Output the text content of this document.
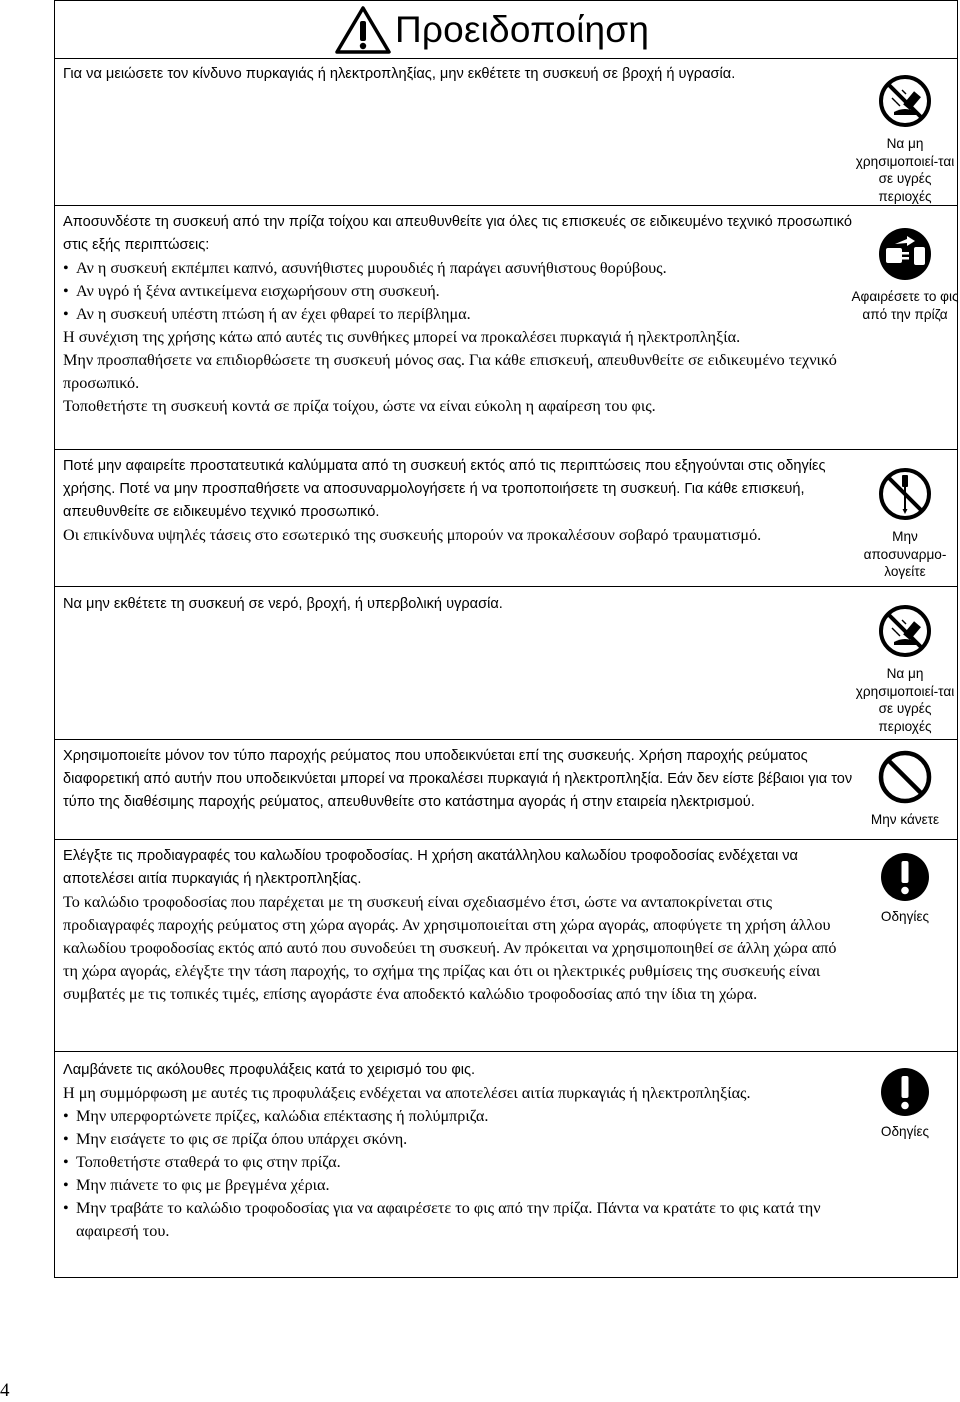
Προειδοποίηση

Για να μειώσετε τον κίνδυνο πυρκαγιάς ή ηλεκτροπληξίας, μην εκθέτετε τη συσκευή σε βροχή ή υγρασία.

Να μη χρησιμοποιεί-ται σε υγρές περιοχές

Αποσυνδέστε τη συσκευή από την πρίζα τοίχου και απευθυνθείτε για όλες τις επισκευές σε ειδικευμένο τεχνικό προσωπικό στις εξής περιπτώσεις:

• Αν η συσκευή εκπέμπει καπνό, ασυνήθιστες μυρουδιές ή παράγει ασυνήθιστους θορύβους.

• Αν υγρό ή ξένα αντικείμενα εισχωρήσουν στη συσκευή.

• Αν η συσκευή υπέστη πτώση ή αν έχει φθαρεί το περίβλημα.

Η συνέχιση της χρήσης κάτω από αυτές τις συνθήκες μπορεί να προκαλέσει πυρκαγιά ή ηλεκτροπληξία.

Μην προσπαθήσετε να επιδιορθώσετε τη συσκευή μόνος σας. Για κάθε επισκευή, απευθυνθείτε σε ειδικευμένο τεχνικό προσωπικό.

Τοποθετήστε τη συσκευή κοντά σε πρίζα τοίχου, ώστε να είναι εύκολη η αφαίρεση του φις.

Αφαιρέσετε το φις από την πρίζα

Ποτέ μην αφαιρείτε προστατευτικά καλύμματα από τη συσκευή εκτός από τις περιπτώσεις που εξηγούνται στις οδηγίες χρήσης. Ποτέ να μην προσπαθήσετε να αποσυναρμολογήσετε ή να τροποποιήσετε τη συσκευή. Για κάθε επισκευή, απευθυνθείτε σε ειδικευμένο τεχνικό προσωπικό.

Οι επικίνδυνα υψηλές τάσεις στο εσωτερικό της συσκευής μπορούν να προκαλέσουν σοβαρό τραυματισμό.	Μην αποσυναρμο-λογείτε

Να μην εκθέτετε τη συσκευή σε νερό, βροχή, ή υπερβολική υγρασία.

Να μη χρησιμοποιεί-ται σε υγρές περιοχές

Χρησιμοποιείτε μόνον τον τύπο παροχής ρεύματος που υποδεικνύεται επί της συσκευής. Χρήση παροχής ρεύματος διαφορετική από αυτήν που υποδεικνύεται μπορεί να προκαλέσει πυρκαγιά ή ηλεκτροπληξία. Εάν δεν είστε βέβαιοι για τον τύπο της διαθέσιμης παροχής ρεύματος, απευθυνθείτε στο κατάστημα αγοράς ή στην εταιρεία ηλεκτρισμού.

Μην κάνετε

Ελέγξτε τις προδιαγραφές του καλωδίου τροφοδοσίας. Η χρήση ακατάλληλου καλωδίου τροφοδοσίας ενδέχεται να αποτελέσει αιτία πυρκαγιάς ή ηλεκτροπληξίας.

Το καλώδιο τροφοδοσίας που παρέχεται με τη συσκευή είναι σχεδιασμένο έτσι, ώστε να ανταποκρίνεται στις προδιαγραφές παροχής ρεύματος στη χώρα αγοράς. Αν χρησιμοποιείται στη χώρα αγοράς, αποφύγετε τη χρήση άλλου καλωδίου τροφοδοσίας εκτός από αυτό που συνοδεύει τη συσκευή. Αν πρόκειται να χρησιμοποιηθεί σε άλλη χώρα από τη χώρα αγοράς, ελέγξτε την τάση παροχής, το σχήμα της πρίζας και ότι οι ηλεκτρικές ρυθμίσεις της συσκευής είναι συμβατές με τις τοπικές τιμές, επίσης αγοράστε ένα αποδεκτό καλώδιο τροφοδοσίας από την ίδια τη χώρα.

Οδηγίες

Λαμβάνετε τις ακόλουθες προφυλάξεις κατά το χειρισμό του φις.

Η μη συμμόρφωση με αυτές τις προφυλάξεις ενδέχεται να αποτελέσει αιτία πυρκαγιάς ή ηλεκτροπληξίας.

• Μην υπερφορτώνετε πρίζες, καλώδια επέκτασης ή πολύμπριζα.

• Μην εισάγετε το φις σε πρίζα όπου υπάρχει σκόνη.

• Τοποθετήστε σταθερά το φις στην πρίζα.

• Μην πιάνετε το φις με βρεγμένα χέρια.

• Μην τραβάτε το καλώδιο τροφοδοσίας για να αφαιρέσετε το φις από την πρίζα. Πάντα να κρατάτε το φις κατά την αφαιρεσή του.

Οδηγίες
4
